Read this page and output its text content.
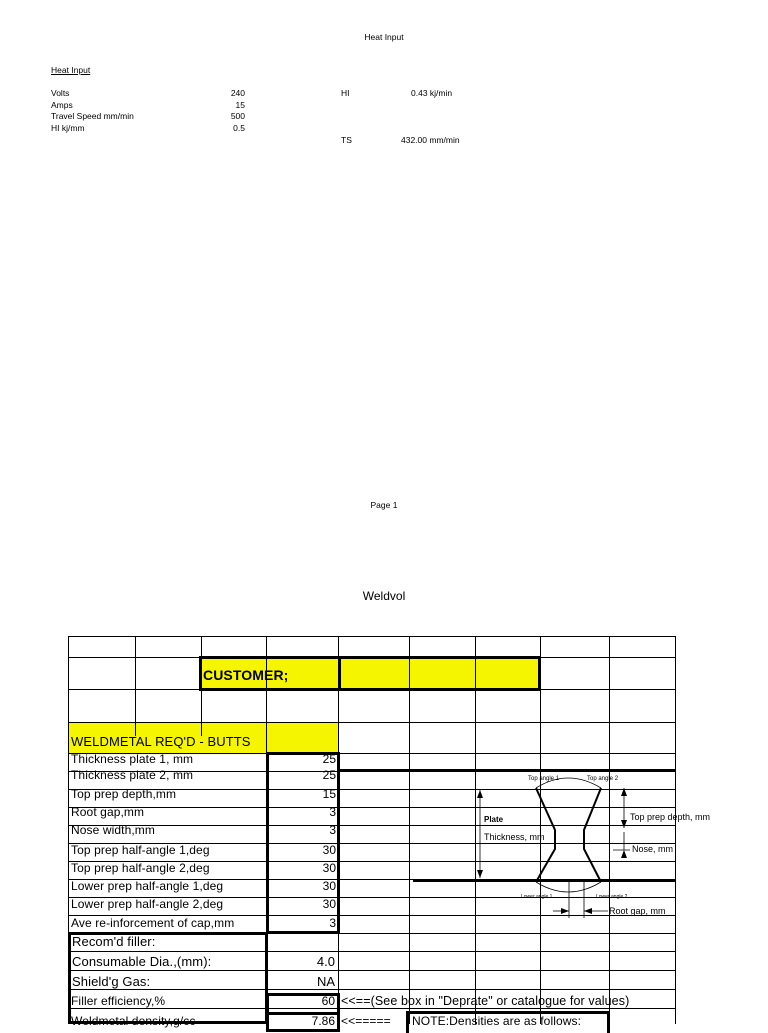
Heat Input
Heat Input
Volts	240
Amps	15
Travel Speed mm/min	500
HI kj/mm	0.5
HI	0.43 kj/min
TS	432.00 mm/min
Page 1
Weldvol
CUSTOMER;
WELDMETAL REQ'D - BUTTS
Thickness plate 1, mm	25
Thickness plate 2, mm	25
Top prep depth,mm	15
Root gap,mm	3
Nose width,mm	3
Top prep half-angle 1,deg	30
Top prep half-angle 2,deg	30
Lower prep half-angle 1,deg	30
Lower prep half-angle 2,deg	30
Ave re-inforcement of cap,mm	3
Recom'd filler:
Consumable Dia.,(mm):	4.0
Shield'g Gas:	NA
Filler efficiency,%	60 <<==(See box in "Deprate" or catalogue for values)
Weldmetal density,g/cc	7.86 <<===== NOTE:Densities are as follows:
Top angle 1	Top angle 2
Plate
Thickness, mm
Top prep depth, mm
Nose, mm
Lower angle 1	Lower angle 2
Root gap, mm
